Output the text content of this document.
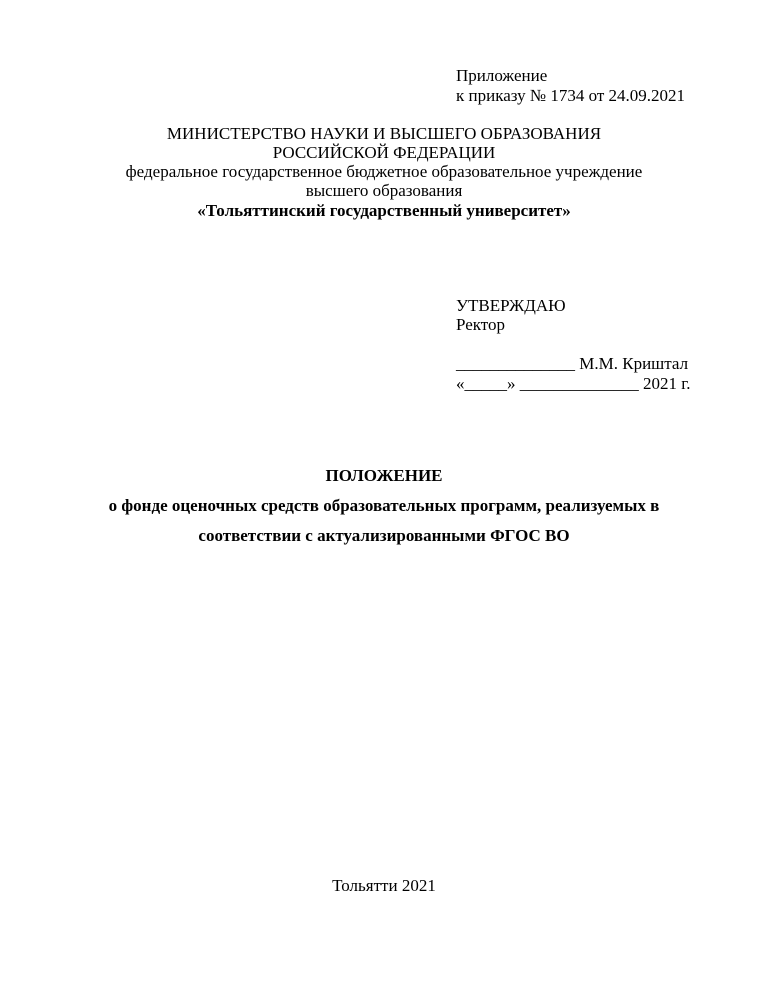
Приложение
к приказу № 1734 от 24.09.2021
МИНИСТЕРСТВО НАУКИ И ВЫСШЕГО ОБРАЗОВАНИЯ
РОССИЙСКОЙ ФЕДЕРАЦИИ
федеральное государственное бюджетное образовательное учреждение
высшего образования
«Тольяттинский государственный университет»
УТВЕРЖДАЮ
Ректор
______________ М.М. Криштал
«_____» ______________ 2021 г.
ПОЛОЖЕНИЕ
о фонде оценочных средств образовательных программ, реализуемых в
соответствии с актуализированными ФГОС ВО
Тольятти 2021
